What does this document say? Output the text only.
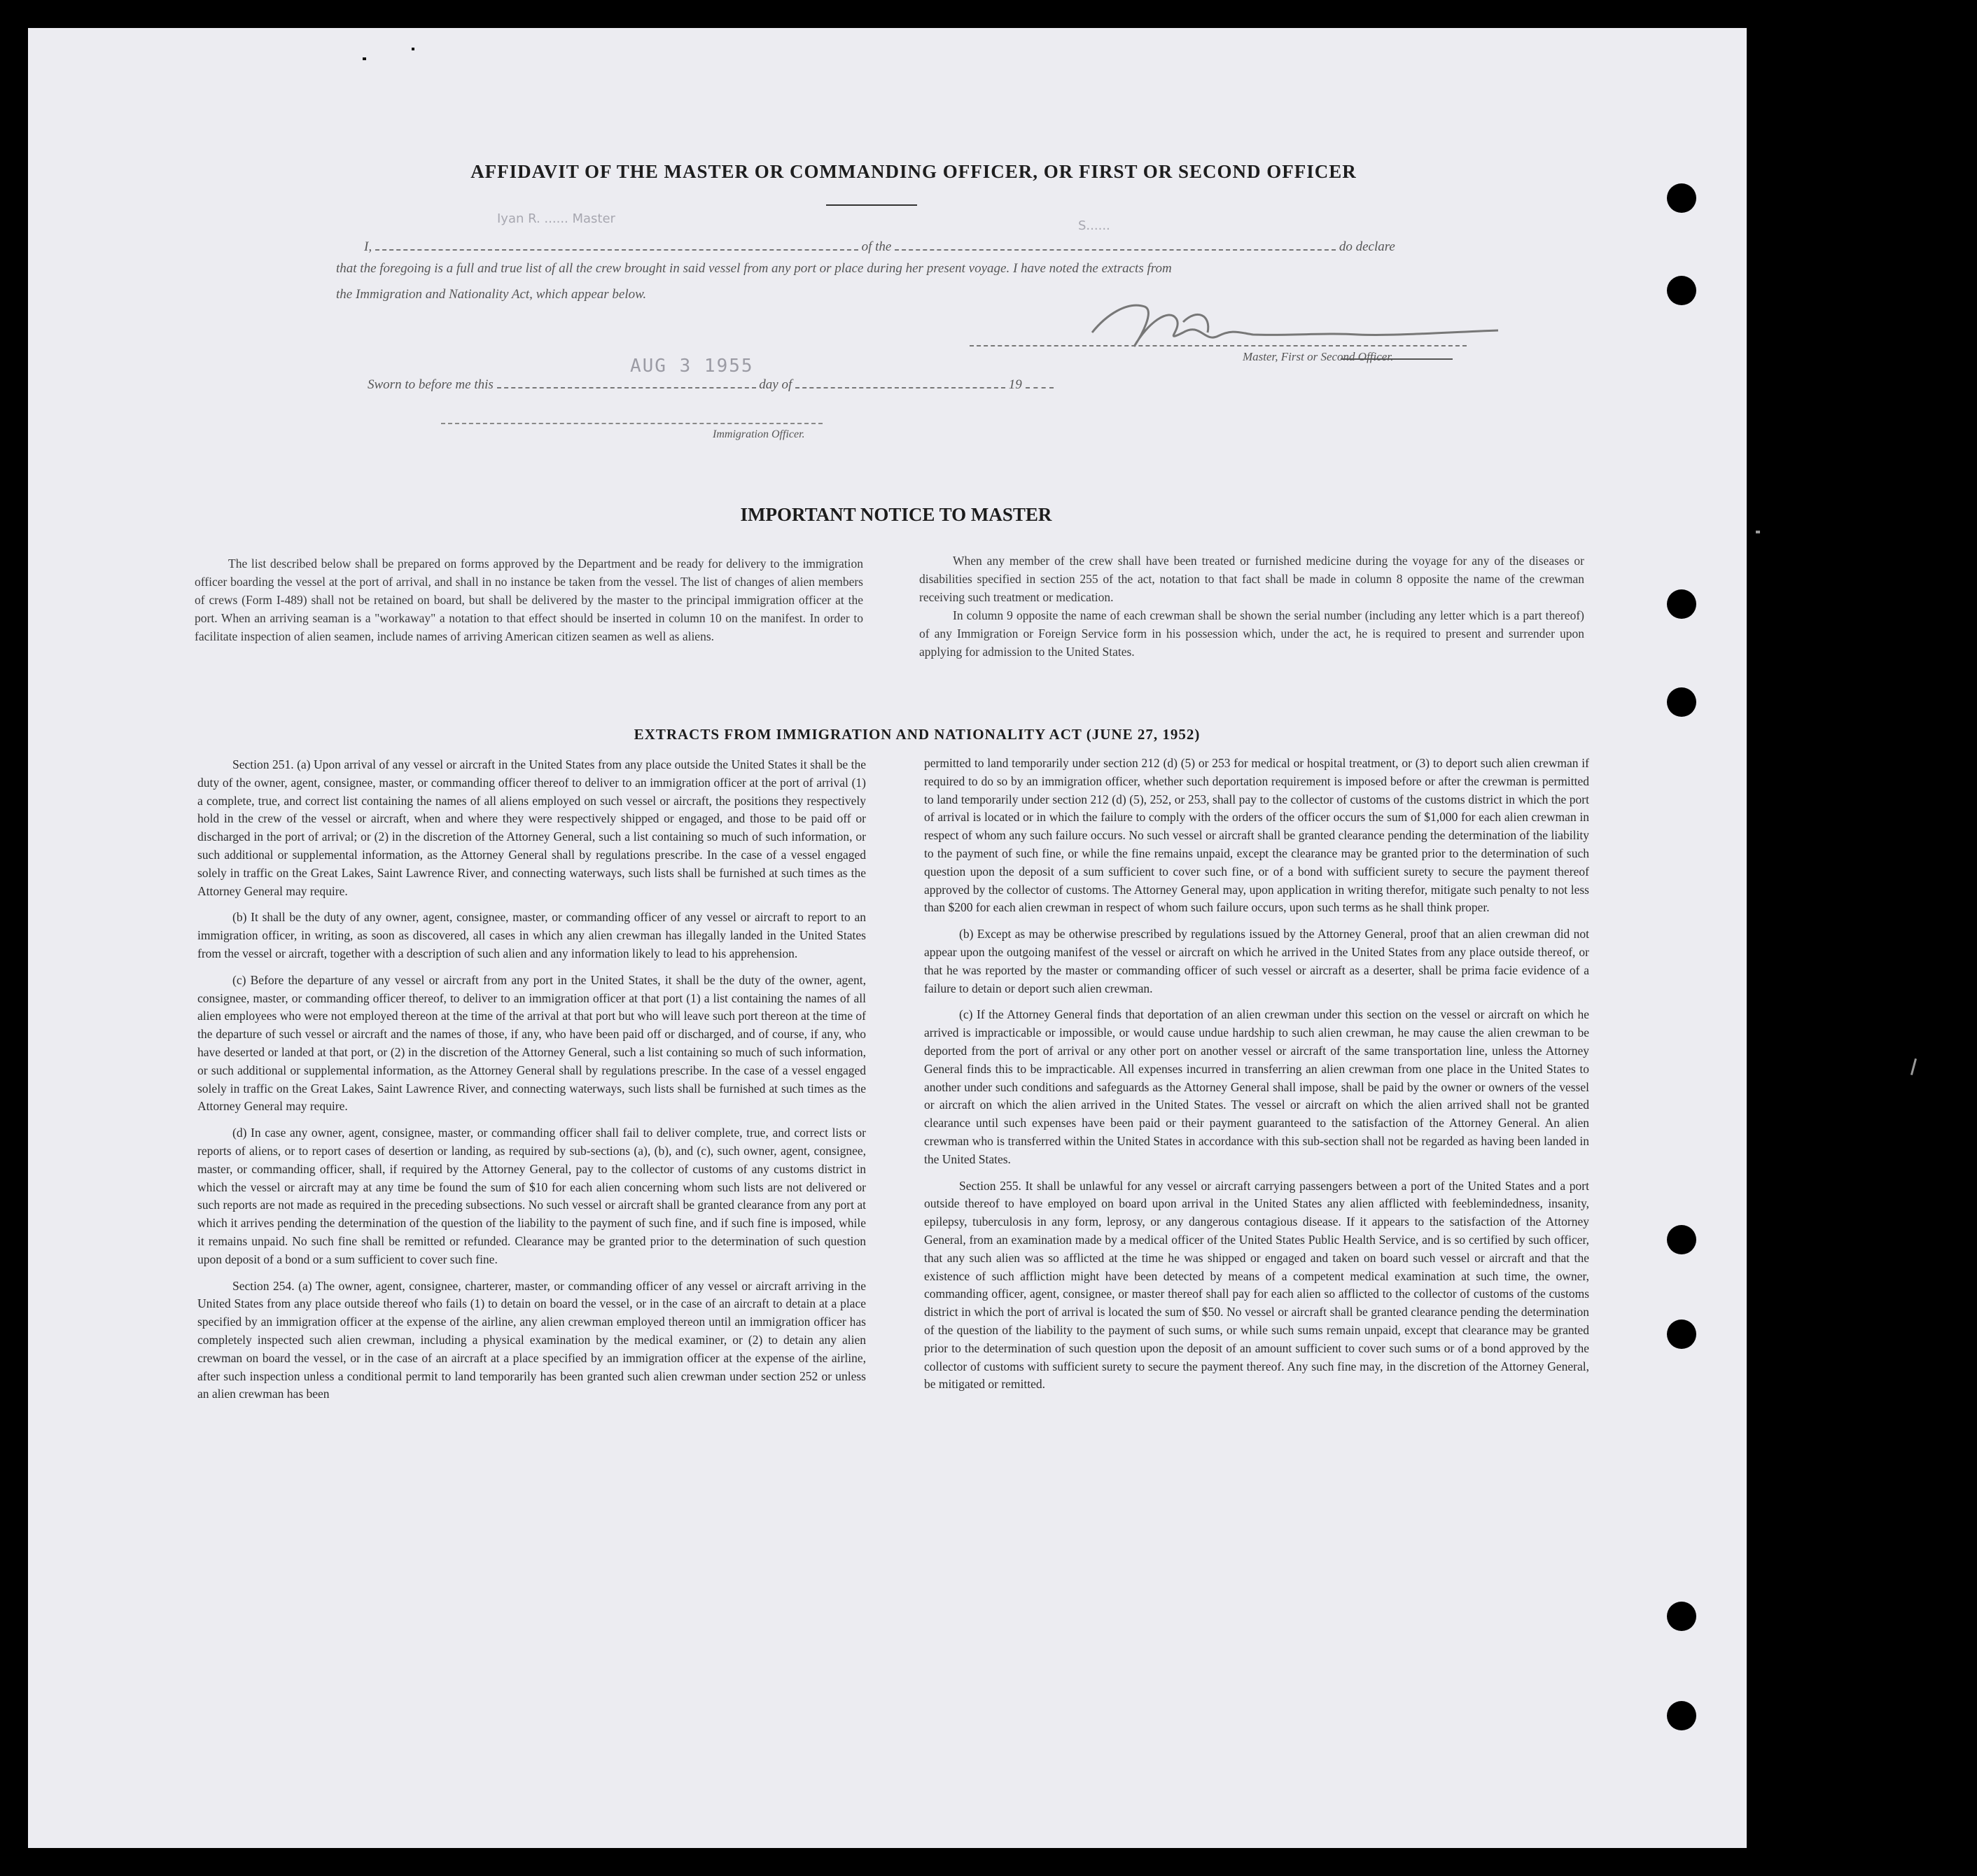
AFFIDAVIT OF THE MASTER OR COMMANDING OFFICER, OR FIRST OR SECOND OFFICER
Iyan R. ...... Master	S......
I,	of the	do declare
that the foregoing is a full and true list of all the crew brought in said vessel from any port or place during her present voyage. I have noted the extracts from
the Immigration and Nationality Act, which appear below.
Master, First or Second Officer.
AUG 3 1955
Sworn to before me this	day of	19
Immigration Officer.
IMPORTANT NOTICE TO MASTER

The list described below shall be prepared on forms approved by the Department and be ready for delivery to the immigration officer boarding the vessel at the port of arrival, and shall in no instance be taken from the vessel. The list of changes of alien members of crews (Form I-489) shall not be retained on board, but shall be delivered by the master to the principal immigration officer at the port. When an arriving seaman is a "workaway" a notation to that effect should be inserted in column 10 on the manifest. In order to facilitate inspection of alien seamen, include names of arriving American citizen seamen as well as aliens.

When any member of the crew shall have been treated or furnished medicine during the voyage for any of the diseases or disabilities specified in section 255 of the act, notation to that fact shall be made in column 8 opposite the name of the crewman receiving such treatment or medication.

In column 9 opposite the name of each crewman shall be shown the serial number (including any letter which is a part thereof) of any Immigration or Foreign Service form in his possession which, under the act, he is required to present and surrender upon applying for admission to the United States.

EXTRACTS FROM IMMIGRATION AND NATIONALITY ACT (JUNE 27, 1952)

Section 251. (a) Upon arrival of any vessel or aircraft in the United States from any place outside the United States it shall be the duty of the owner, agent, consignee, master, or commanding officer thereof to deliver to an immigration officer at the port of arrival (1) a complete, true, and correct list containing the names of all aliens employed on such vessel or aircraft, the positions they respectively hold in the crew of the vessel or aircraft, when and where they were respectively shipped or engaged, and those to be paid off or discharged in the port of arrival; or (2) in the discretion of the Attorney General, such a list containing so much of such information, or such additional or supplemental information, as the Attorney General shall by regulations prescribe. In the case of a vessel engaged solely in traffic on the Great Lakes, Saint Lawrence River, and connecting waterways, such lists shall be furnished at such times as the Attorney General may require.

(b) It shall be the duty of any owner, agent, consignee, master, or commanding officer of any vessel or aircraft to report to an immigration officer, in writing, as soon as discovered, all cases in which any alien crewman has illegally landed in the United States from the vessel or aircraft, together with a description of such alien and any information likely to lead to his apprehension.

(c) Before the departure of any vessel or aircraft from any port in the United States, it shall be the duty of the owner, agent, consignee, master, or commanding officer thereof, to deliver to an immigration officer at that port (1) a list containing the names of all alien employees who were not employed thereon at the time of the arrival at that port but who will leave such port thereon at the time of the departure of such vessel or aircraft and the names of those, if any, who have been paid off or discharged, and of course, if any, who have deserted or landed at that port, or (2) in the discretion of the Attorney General, such a list containing so much of such information, or such additional or supplemental information, as the Attorney General shall by regulations prescribe. In the case of a vessel engaged solely in traffic on the Great Lakes, Saint Lawrence River, and connecting waterways, such lists shall be furnished at such times as the Attorney General may require.

(d) In case any owner, agent, consignee, master, or commanding officer shall fail to deliver complete, true, and correct lists or reports of aliens, or to report cases of desertion or landing, as required by sub-sections (a), (b), and (c), such owner, agent, consignee, master, or commanding officer, shall, if required by the Attorney General, pay to the collector of customs of any customs district in which the vessel or aircraft may at any time be found the sum of $10 for each alien concerning whom such lists are not delivered or such reports are not made as required in the preceding subsections. No such vessel or aircraft shall be granted clearance from any port at which it arrives pending the determination of the question of the liability to the payment of such fine, and if such fine is imposed, while it remains unpaid. No such fine shall be remitted or refunded. Clearance may be granted prior to the determination of such question upon deposit of a bond or a sum sufficient to cover such fine.

Section 254. (a) The owner, agent, consignee, charterer, master, or commanding officer of any vessel or aircraft arriving in the United States from any place outside thereof who fails (1) to detain on board the vessel, or in the case of an aircraft to detain at a place specified by an immigration officer at the expense of the airline, any alien crewman employed thereon until an immigration officer has completely inspected such alien crewman, including a physical examination by the medical examiner, or (2) to detain any alien crewman on board the vessel, or in the case of an aircraft at a place specified by an immigration officer at the expense of the airline, after such inspection unless a conditional permit to land temporarily has been granted such alien crewman under section 252 or unless an alien crewman has been

permitted to land temporarily under section 212 (d) (5) or 253 for medical or hospital treatment, or (3) to deport such alien crewman if required to do so by an immigration officer, whether such deportation requirement is imposed before or after the crewman is permitted to land temporarily under section 212 (d) (5), 252, or 253, shall pay to the collector of customs of the customs district in which the port of arrival is located or in which the failure to comply with the orders of the officer occurs the sum of $1,000 for each alien crewman in respect of whom any such failure occurs. No such vessel or aircraft shall be granted clearance pending the determination of the liability to the payment of such fine, or while the fine remains unpaid, except the clearance may be granted prior to the determination of such question upon the deposit of a sum sufficient to cover such fine, or of a bond with sufficient surety to secure the payment thereof approved by the collector of customs. The Attorney General may, upon application in writing therefor, mitigate such penalty to not less than $200 for each alien crewman in respect of whom such failure occurs, upon such terms as he shall think proper.

(b) Except as may be otherwise prescribed by regulations issued by the Attorney General, proof that an alien crewman did not appear upon the outgoing manifest of the vessel or aircraft on which he arrived in the United States from any place outside thereof, or that he was reported by the master or commanding officer of such vessel or aircraft as a deserter, shall be prima facie evidence of a failure to detain or deport such alien crewman.

(c) If the Attorney General finds that deportation of an alien crewman under this section on the vessel or aircraft on which he arrived is impracticable or impossible, or would cause undue hardship to such alien crewman, he may cause the alien crewman to be deported from the port of arrival or any other port on another vessel or aircraft of the same transportation line, unless the Attorney General finds this to be impracticable. All expenses incurred in transferring an alien crewman from one place in the United States to another under such conditions and safeguards as the Attorney General shall impose, shall be paid by the owner or owners of the vessel or aircraft on which the alien arrived in the United States. The vessel or aircraft on which the alien arrived shall not be granted clearance until such expenses have been paid or their payment guaranteed to the satisfaction of the Attorney General. An alien crewman who is transferred within the United States in accordance with this sub-section shall not be regarded as having been landed in the United States.

Section 255. It shall be unlawful for any vessel or aircraft carrying passengers between a port of the United States and a port outside thereof to have employed on board upon arrival in the United States any alien afflicted with feeblemindedness, insanity, epilepsy, tuberculosis in any form, leprosy, or any dangerous contagious disease. If it appears to the satisfaction of the Attorney General, from an examination made by a medical officer of the United States Public Health Service, and is so certified by such officer, that any such alien was so afflicted at the time he was shipped or engaged and taken on board such vessel or aircraft and that the existence of such affliction might have been detected by means of a competent medical examination at such time, the owner, commanding officer, agent, consignee, or master thereof shall pay for each alien so afflicted to the collector of customs of the customs district in which the port of arrival is located the sum of $50. No vessel or aircraft shall be granted clearance pending the determination of the question of the liability to the payment of such sums, or while such sums remain unpaid, except that clearance may be granted prior to the determination of such question upon the deposit of an amount sufficient to cover such sums or of a bond approved by the collector of customs with sufficient surety to secure the payment thereof. Any such fine may, in the discretion of the Attorney General, be mitigated or remitted.
